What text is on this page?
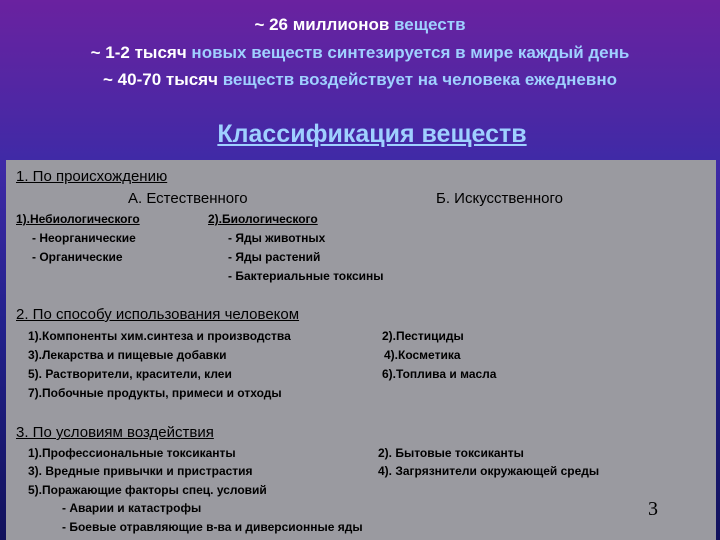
~ 26 миллионов веществ
~ 1-2 тысяч новых веществ синтезируется в мире каждый день
~ 40-70 тысяч веществ воздействует на человека ежедневно
Классификация веществ
1. По происхождению
А. Естественного	Б. Искусственного
1).Небиологического
- Неорганические
- Органические
2).Биологического
- Яды животных
- Яды растений
- Бактериальные токсины
2. По способу использования человеком
1).Компоненты хим.синтеза и производства
3).Лекарства и пищевые добавки
5). Растворители, красители, клеи
7).Побочные продукты, примеси и отходы
2).Пестициды
4).Косметика
6).Топлива и масла
3. По условиям воздействия
1).Профессиональные токсиканты
3). Вредные привычки и пристрастия
5).Поражающие факторы спец. условий
2). Бытовые токсиканты
4). Загрязнители окружающей среды
- Аварии и катастрофы
- Боевые отравляющие в-ва и диверсионные яды
3
